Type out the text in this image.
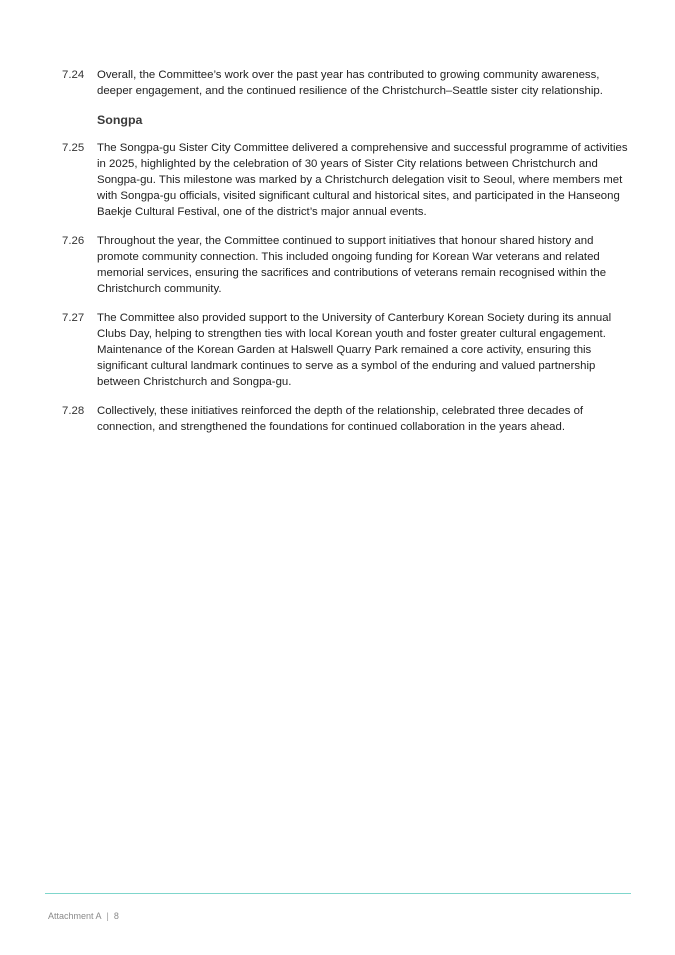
7.24	Overall, the Committee’s work over the past year has contributed to growing community awareness, deeper engagement, and the continued resilience of the Christchurch–Seattle sister city relationship.
Songpa
7.25	The Songpa-gu Sister City Committee delivered a comprehensive and successful programme of activities in 2025, highlighted by the celebration of 30 years of Sister City relations between Christchurch and Songpa-gu. This milestone was marked by a Christchurch delegation visit to Seoul, where members met with Songpa-gu officials, visited significant cultural and historical sites, and participated in the Hanseong Baekje Cultural Festival, one of the district’s major annual events.
7.26	Throughout the year, the Committee continued to support initiatives that honour shared history and promote community connection. This included ongoing funding for Korean War veterans and related memorial services, ensuring the sacrifices and contributions of veterans remain recognised within the Christchurch community.
7.27	The Committee also provided support to the University of Canterbury Korean Society during its annual Clubs Day, helping to strengthen ties with local Korean youth and foster greater cultural engagement. Maintenance of the Korean Garden at Halswell Quarry Park remained a core activity, ensuring this significant cultural landmark continues to serve as a symbol of the enduring and valued partnership between Christchurch and Songpa-gu.
7.28	Collectively, these initiatives reinforced the depth of the relationship, celebrated three decades of connection, and strengthened the foundations for continued collaboration in the years ahead.
Attachment A | 8
